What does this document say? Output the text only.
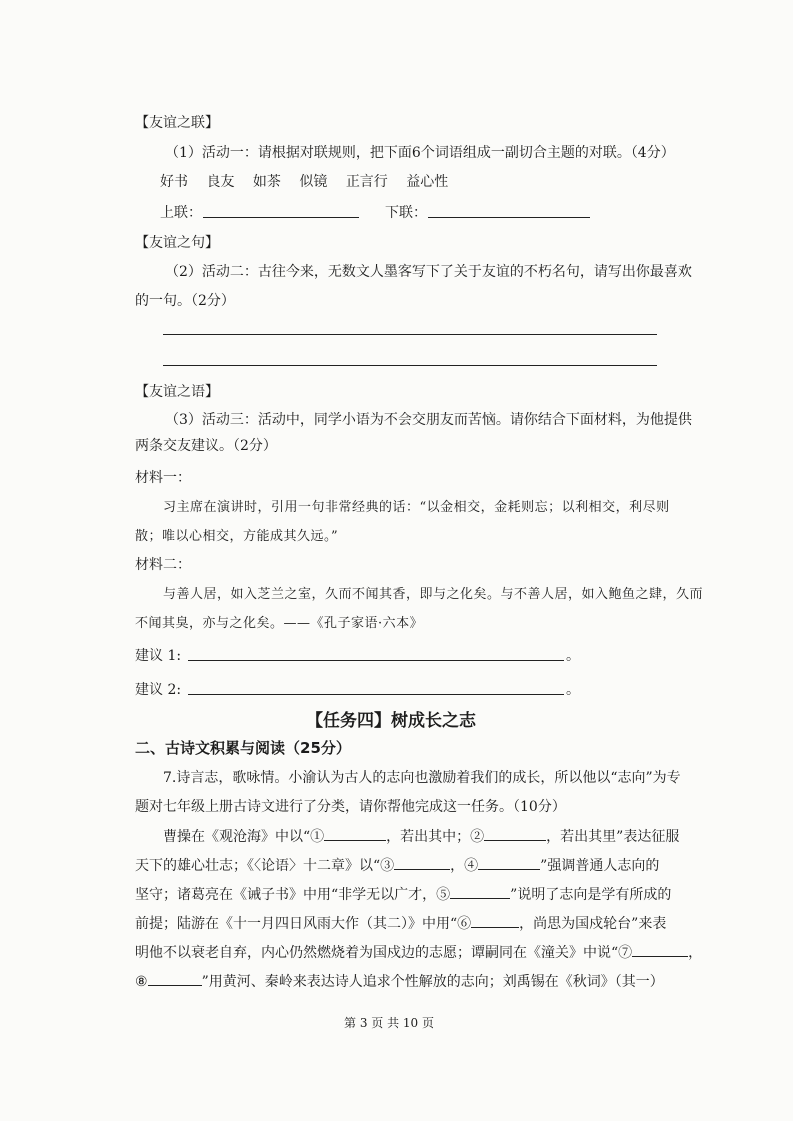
【友谊之联】
（1）活动一：请根据对联规则，把下面6个词语组成一副切合主题的对联。（4分）
好书 良友 如茶 似镜 正言行 益心性
上联：	下联：
【友谊之句】
（2）活动二：古往今来，无数文人墨客写下了关于友谊的不朽名句，请写出你最喜欢
的一句。（2分）
【友谊之语】
（3）活动三：活动中，同学小语为不会交朋友而苦恼。请你结合下面材料，为他提供
两条交友建议。（2分）
材料一：
习主席在演讲时，引用一句非常经典的话：“以金相交，金耗则忘；以利相交，利尽则
散；唯以心相交，方能成其久远。”
材料二：
与善人居，如入芝兰之室，久而不闻其香，即与之化矣。与不善人居，如入鲍鱼之肆，久而
不闻其臭，亦与之化矣。——《孔子家语·六本》
建议 1:	。
建议 2:	。
【任务四】树成长之志
二、古诗文积累与阅读（25分）
7.诗言志，歌咏情。小渝认为古人的志向也激励着我们的成长，所以他以“志向”为专
题对七年级上册古诗文进行了分类，请你帮他完成这一任务。（10分）
曹操在《观沧海》中以“①	，若出其中；②	，若出其里”表达征服
天下的雄心壮志；《〈论语〉十二章》以“③	，④	”强调普通人志向的
坚守；诸葛亮在《诫子书》中用“非学无以广才，⑤	”说明了志向是学有所成的
前提；陆游在《十一月四日风雨大作（其二）》中用“⑥	，尚思为国戍轮台”来表
明他不以衰老自弃，内心仍然燃烧着为国戍边的志愿；谭嗣同在《潼关》中说“⑦	，
⑧	”用黄河、秦岭来表达诗人追求个性解放的志向；刘禹锡在《秋词》（其一）
第 3 页 共 10 页
